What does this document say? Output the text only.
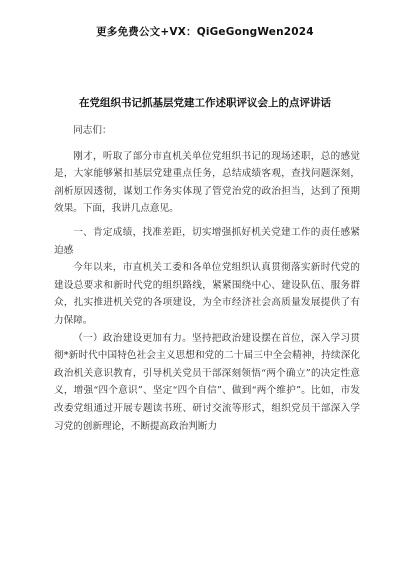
更多免费公文+VX：QiGeGongWen2024
在党组织书记抓基层党建工作述职评议会上的点评讲话

同志们：

刚才，听取了部分市直机关单位党组织书记的现场述职，总的感觉是，大家能够紧扣基层党建重点任务，总结成绩客观，查找问题深刻，剖析原因透彻，谋划工作务实体现了管党治党的政治担当，达到了预期效果。下面，我讲几点意见。

一、肯定成绩，找准差距，切实增强抓好机关党建工作的责任感紧迫感

今年以来，市直机关工委和各单位党组织认真贯彻落实新时代党的建设总要求和新时代党的组织路线，紧紧围绕中心、建设队伍、服务群众，扎实推进机关党的各项建设，为全市经济社会高质量发展提供了有力保障。

（一）政治建设更加有力。坚持把政治建设摆在首位，深入学习贯彻*新时代中国特色社会主义思想和党的二十届三中全会精神，持续深化政治机关意识教育，引导机关党员干部深刻领悟“两个确立”的决定性意义，增强“四个意识”、坚定“四个自信”、做到“两个维护”。比如，市发改委党组通过开展专题读书班、研讨交流等形式，组织党员干部深入学习党的创新理论，不断提高政治判断力
